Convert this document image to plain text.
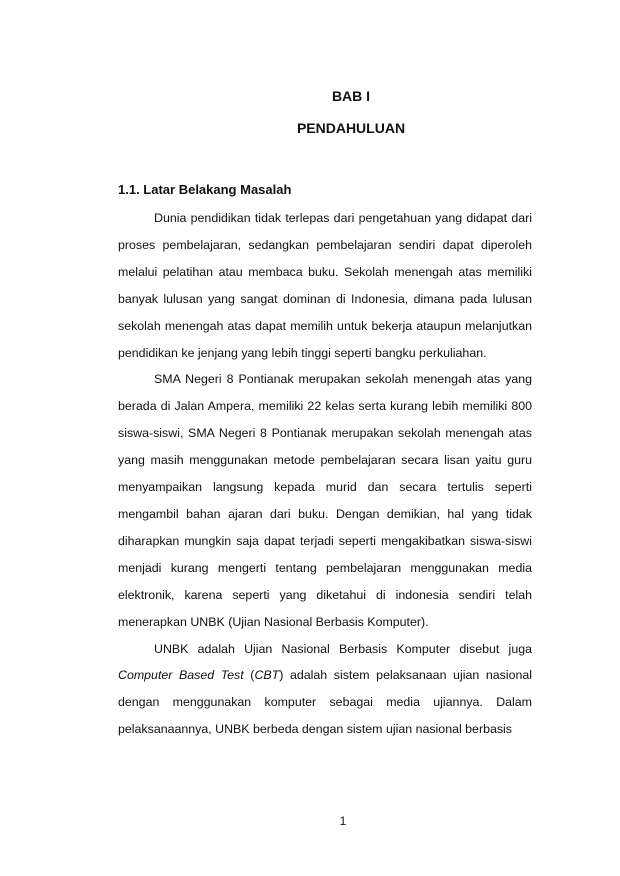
BAB I
PENDAHULUAN
1.1. Latar Belakang Masalah

Dunia pendidikan tidak terlepas dari pengetahuan yang didapat dari proses pembelajaran, sedangkan pembelajaran sendiri dapat diperoleh melalui pelatihan atau membaca buku. Sekolah menengah atas memiliki banyak lulusan yang sangat dominan di Indonesia, dimana pada lulusan sekolah menengah atas dapat memilih untuk bekerja ataupun melanjutkan pendidikan ke jenjang yang lebih tinggi seperti bangku perkuliahan.

SMA Negeri 8 Pontianak merupakan sekolah menengah atas yang berada di Jalan Ampera, memiliki 22 kelas serta kurang lebih memiliki 800 siswa-siswi, SMA Negeri 8 Pontianak merupakan sekolah menengah atas yang masih menggunakan metode pembelajaran secara lisan yaitu guru menyampaikan langsung kepada murid dan secara tertulis seperti mengambil bahan ajaran dari buku. Dengan demikian, hal yang tidak diharapkan mungkin saja dapat terjadi seperti mengakibatkan siswa-siswi menjadi kurang mengerti tentang pembelajaran menggunakan media elektronik, karena seperti yang diketahui di indonesia sendiri telah menerapkan UNBK (Ujian Nasional Berbasis Komputer).

UNBK adalah Ujian Nasional Berbasis Komputer disebut juga Computer Based Test (CBT) adalah sistem pelaksanaan ujian nasional dengan menggunakan komputer sebagai media ujiannya. Dalam pelaksanaannya, UNBK berbeda dengan sistem ujian nasional berbasis

1
